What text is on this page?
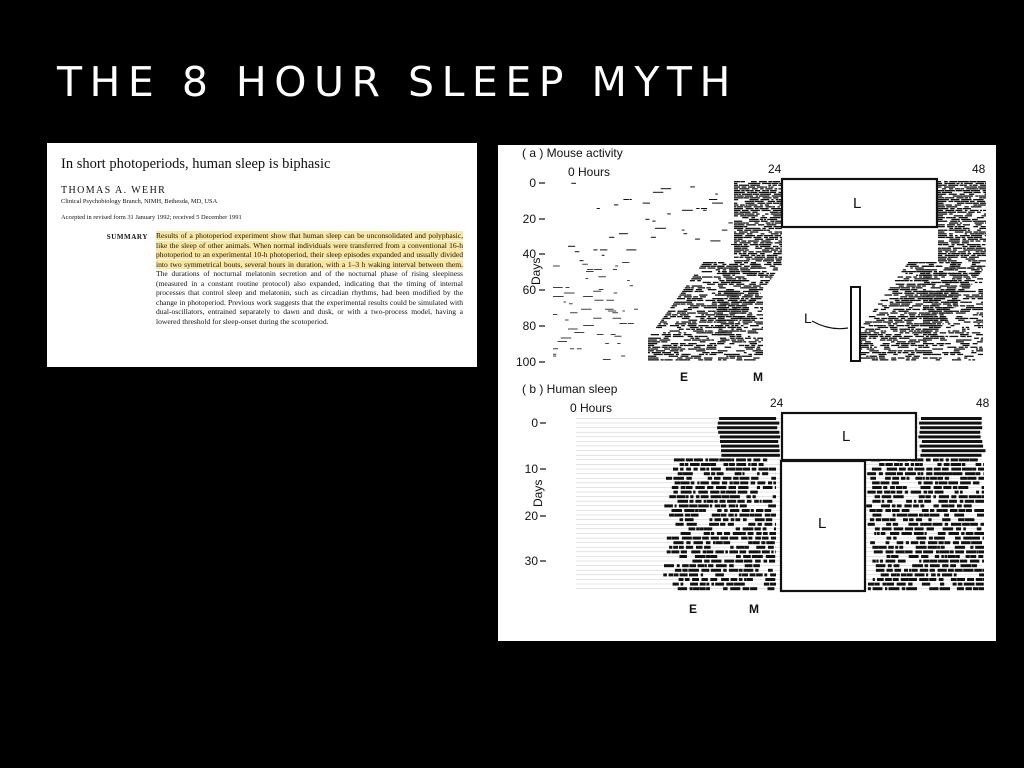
THE 8 HOUR SLEEP MYTH
In short photoperiods, human sleep is biphasic
THOMAS A. WEHR
Clinical Psychobiology Branch, NIMH, Bethesda, MD, USA
Accepted in revised form 31 January 1992; received 5 December 1991
SUMMARY	Results of a photoperiod experiment show that human sleep can be unconsolidated and polyphasic, like the sleep of other animals. When normal individuals were transferred from a conventional 16-h photoperiod to an experimental 10-h photoperiod, their sleep episodes expanded and usually divided into two symmetrical bouts, several hours in duration, with a 1–3 h waking interval between them. The durations of nocturnal melatonin secretion and of the nocturnal phase of rising sleepiness (measured in a constant routine protocol) also expanded, indicating that the timing of internal processes that control sleep and melatonin, such as circadian rhythms, had been modified by the change in photoperiod. Previous work suggests that the experimental results could be simulated with dual-oscillators, entrained separately to dawn and dusk, or with a two-process model, having a lowered threshold for sleep-onset during the scotoperiod.
( a ) Mouse activity
0 Hours	24	48
Days
0
20
40
60
80
100
L
L
E	M
( b ) Human sleep
0 Hours	24	48
Days
0
10
20
30
L
L
E	M
